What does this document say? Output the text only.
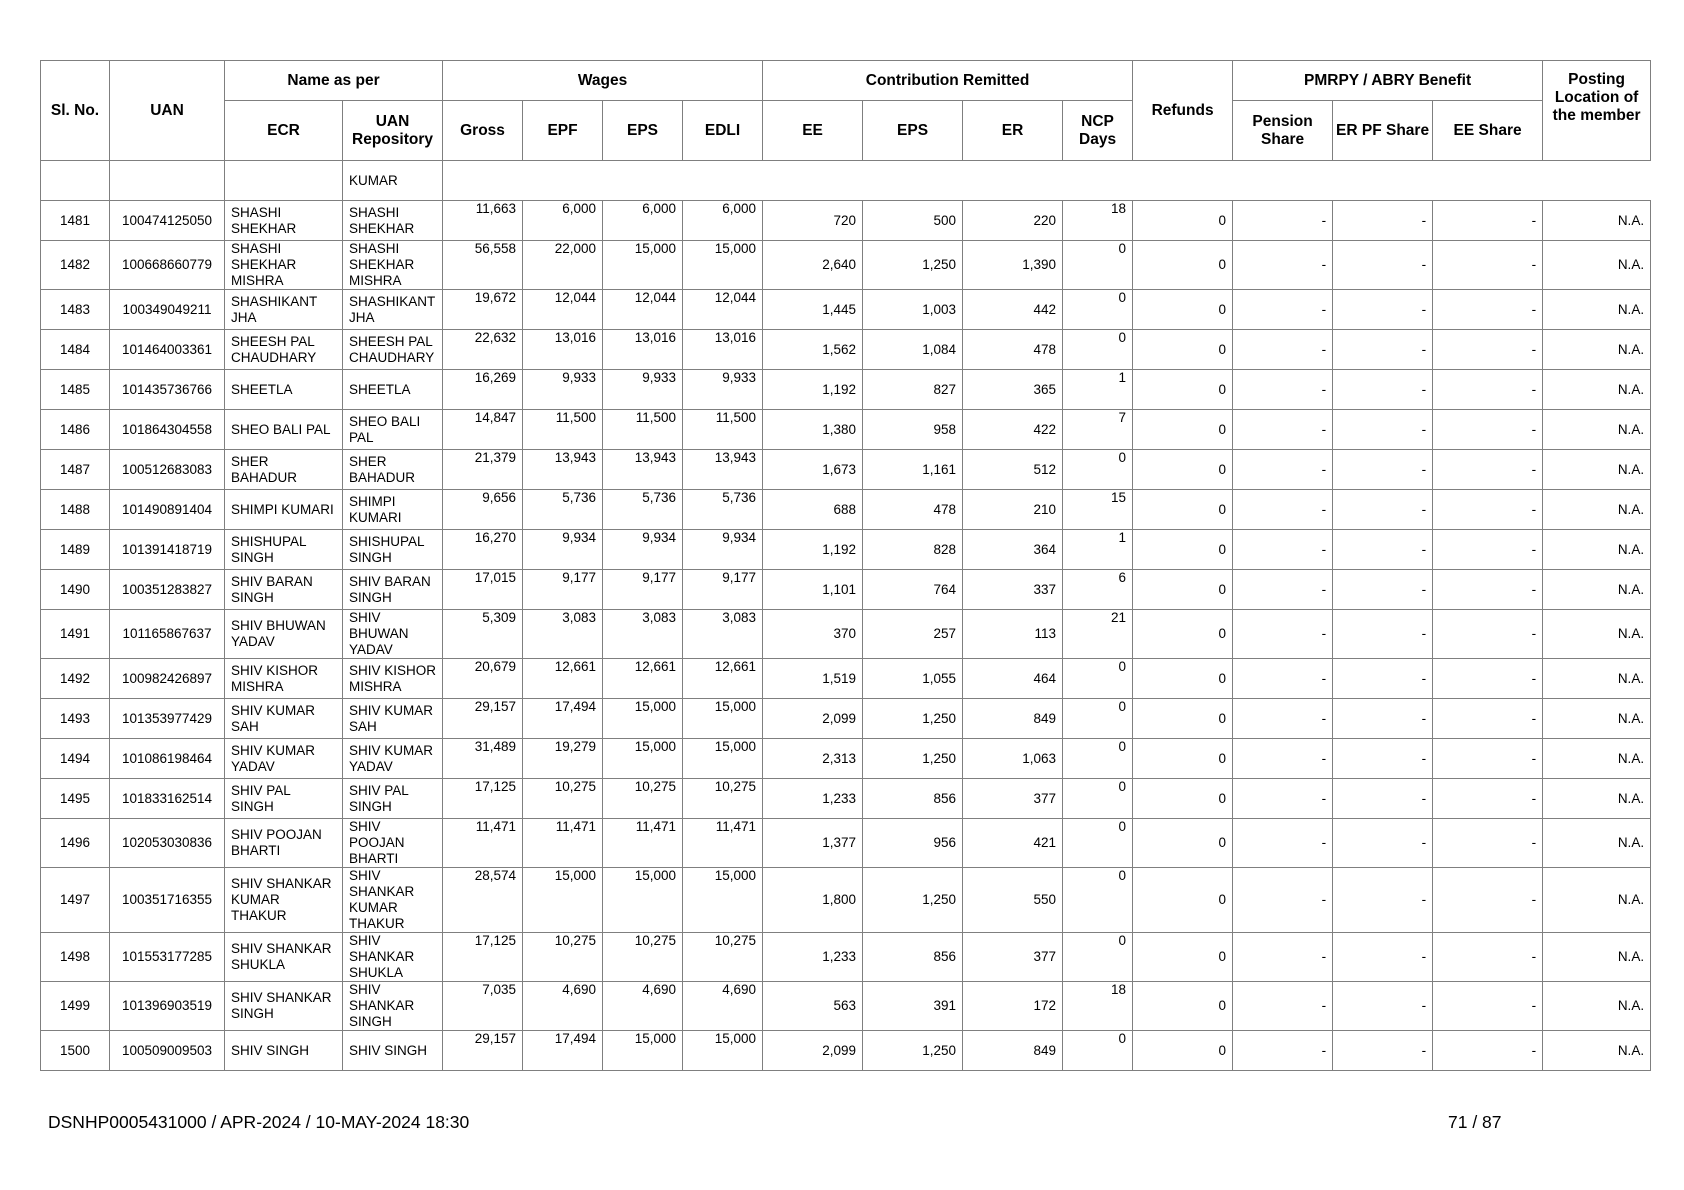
Sl. No.	UAN	Name as per		Wages				Contribution Remitted				Refunds	PMRPY / ABRY Benefit			Posting Location of the member
		ECR	UAN Repository	Gross	EPF	EPS	EDLI	EE	EPS	ER	NCP Days		Pension Share	ER PF Share	EE Share	
			KUMAR													
1481	100474125050	SHASHI SHEKHAR	SHASHI SHEKHAR	11,663	6,000	6,000	6,000	720	500	220	18	0	-	-	-	N.A.
1482	100668660779	SHASHI SHEKHAR MISHRA	SHASHI SHEKHAR MISHRA	56,558	22,000	15,000	15,000	2,640	1,250	1,390	0	0	-	-	-	N.A.
1483	100349049211	SHASHIKANT JHA	SHASHIKANT JHA	19,672	12,044	12,044	12,044	1,445	1,003	442	0	0	-	-	-	N.A.
1484	101464003361	SHEESH PAL CHAUDHARY	SHEESH PAL CHAUDHARY	22,632	13,016	13,016	13,016	1,562	1,084	478	0	0	-	-	-	N.A.
1485	101435736766	SHEETLA	SHEETLA	16,269	9,933	9,933	9,933	1,192	827	365	1	0	-	-	-	N.A.
1486	101864304558	SHEO BALI PAL	SHEO BALI PAL	14,847	11,500	11,500	11,500	1,380	958	422	7	0	-	-	-	N.A.
1487	100512683083	SHER BAHADUR	SHER BAHADUR	21,379	13,943	13,943	13,943	1,673	1,161	512	0	0	-	-	-	N.A.
1488	101490891404	SHIMPI KUMARI	SHIMPI KUMARI	9,656	5,736	5,736	5,736	688	478	210	15	0	-	-	-	N.A.
1489	101391418719	SHISHUPAL SINGH	SHISHUPAL SINGH	16,270	9,934	9,934	9,934	1,192	828	364	1	0	-	-	-	N.A.
1490	100351283827	SHIV BARAN SINGH	SHIV BARAN SINGH	17,015	9,177	9,177	9,177	1,101	764	337	6	0	-	-	-	N.A.
1491	101165867637	SHIV BHUWAN YADAV	SHIV BHUWAN YADAV	5,309	3,083	3,083	3,083	370	257	113	21	0	-	-	-	N.A.
1492	100982426897	SHIV KISHOR MISHRA	SHIV KISHOR MISHRA	20,679	12,661	12,661	12,661	1,519	1,055	464	0	0	-	-	-	N.A.
1493	101353977429	SHIV KUMAR SAH	SHIV KUMAR SAH	29,157	17,494	15,000	15,000	2,099	1,250	849	0	0	-	-	-	N.A.
1494	101086198464	SHIV KUMAR YADAV	SHIV KUMAR YADAV	31,489	19,279	15,000	15,000	2,313	1,250	1,063	0	0	-	-	-	N.A.
1495	101833162514	SHIV PAL SINGH	SHIV PAL SINGH	17,125	10,275	10,275	10,275	1,233	856	377	0	0	-	-	-	N.A.
1496	102053030836	SHIV POOJAN BHARTI	SHIV POOJAN BHARTI	11,471	11,471	11,471	11,471	1,377	956	421	0	0	-	-	-	N.A.
1497	100351716355	SHIV SHANKAR KUMAR THAKUR	SHIV SHANKAR KUMAR THAKUR	28,574	15,000	15,000	15,000	1,800	1,250	550	0	0	-	-	-	N.A.
1498	101553177285	SHIV SHANKAR SHUKLA	SHIV SHANKAR SHUKLA	17,125	10,275	10,275	10,275	1,233	856	377	0	0	-	-	-	N.A.
1499	101396903519	SHIV SHANKAR SINGH	SHIV SHANKAR SINGH	7,035	4,690	4,690	4,690	563	391	172	18	0	-	-	-	N.A.
1500	100509009503	SHIV SINGH	SHIV SINGH	29,157	17,494	15,000	15,000	2,099	1,250	849	0	0	-	-	-	N.A.
DSNHP0005431000 / APR-2024 / 10-MAY-2024 18:30	71 / 87
